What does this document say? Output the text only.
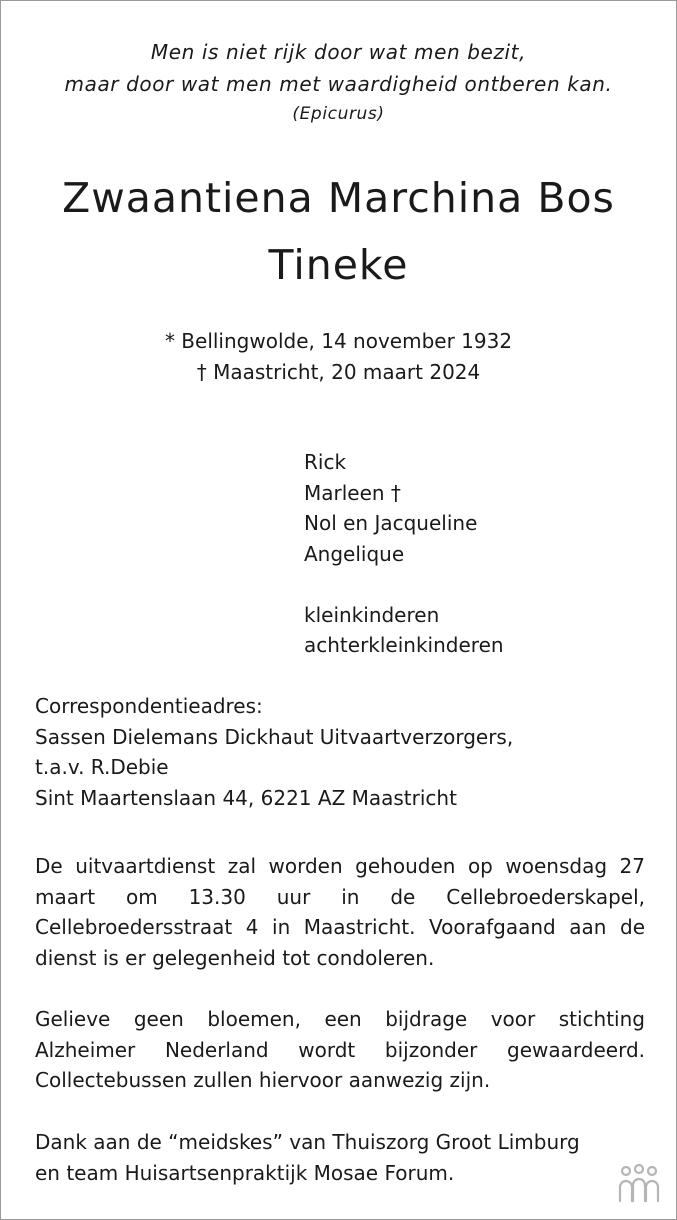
Men is niet rijk door wat men bezit,
maar door wat men met waardigheid ontberen kan.
(Epicurus)
Zwaantiena Marchina Bos
Tineke
* Bellingwolde, 14 november 1932
† Maastricht, 20 maart 2024
Rick
Marleen †
Nol en Jacqueline
Angelique
kleinkinderen
achterkleinkinderen
Correspondentieadres:
Sassen Dielemans Dickhaut Uitvaartverzorgers,
t.a.v. R.Debie
Sint Maartenslaan 44, 6221 AZ Maastricht
De uitvaartdienst zal worden gehouden op woensdag 27 maart om 13.30 uur in de Cellebroederskapel, Cellebroedersstraat 4 in Maastricht. Voorafgaand aan de dienst is er gelegenheid tot condoleren.
Gelieve geen bloemen, een bijdrage voor stichting Alzheimer Nederland wordt bijzonder gewaardeerd. Collectebussen zullen hiervoor aanwezig zijn.
Dank aan de “meidskes” van Thuiszorg Groot Limburg
en team Huisartsenpraktijk Mosae Forum.
